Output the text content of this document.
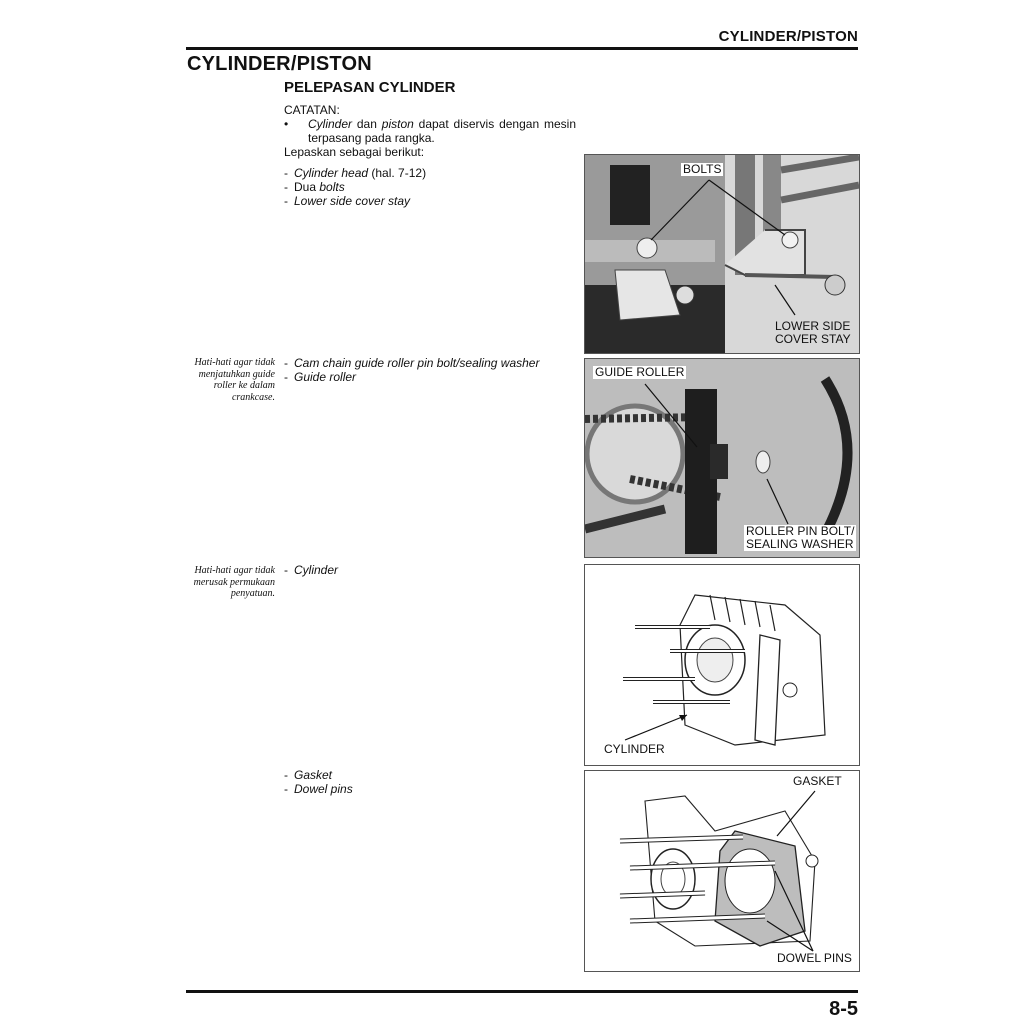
CYLINDER/PISTON
CYLINDER/PISTON
PELEPASAN CYLINDER
CATATAN:
• Cylinder dan piston dapat diservis dengan mesin terpasang pada rangka.
Lepaskan sebagai berikut:
- Cylinder head (hal. 7-12)
- Dua bolts
- Lower side cover stay
Hati-hati agar tidak
menjatuhkan guide
roller ke dalam
crankcase.
- Cam chain guide roller pin bolt/sealing washer
- Guide roller
Hati-hati agar tidak
merusak permukaan
penyatuan.
- Cylinder
- Gasket
- Dowel pins
BOLTS
LOWER SIDE
COVER STAY
GUIDE ROLLER
ROLLER PIN BOLT/
SEALING WASHER
CYLINDER
GASKET
DOWEL PINS
8-5
